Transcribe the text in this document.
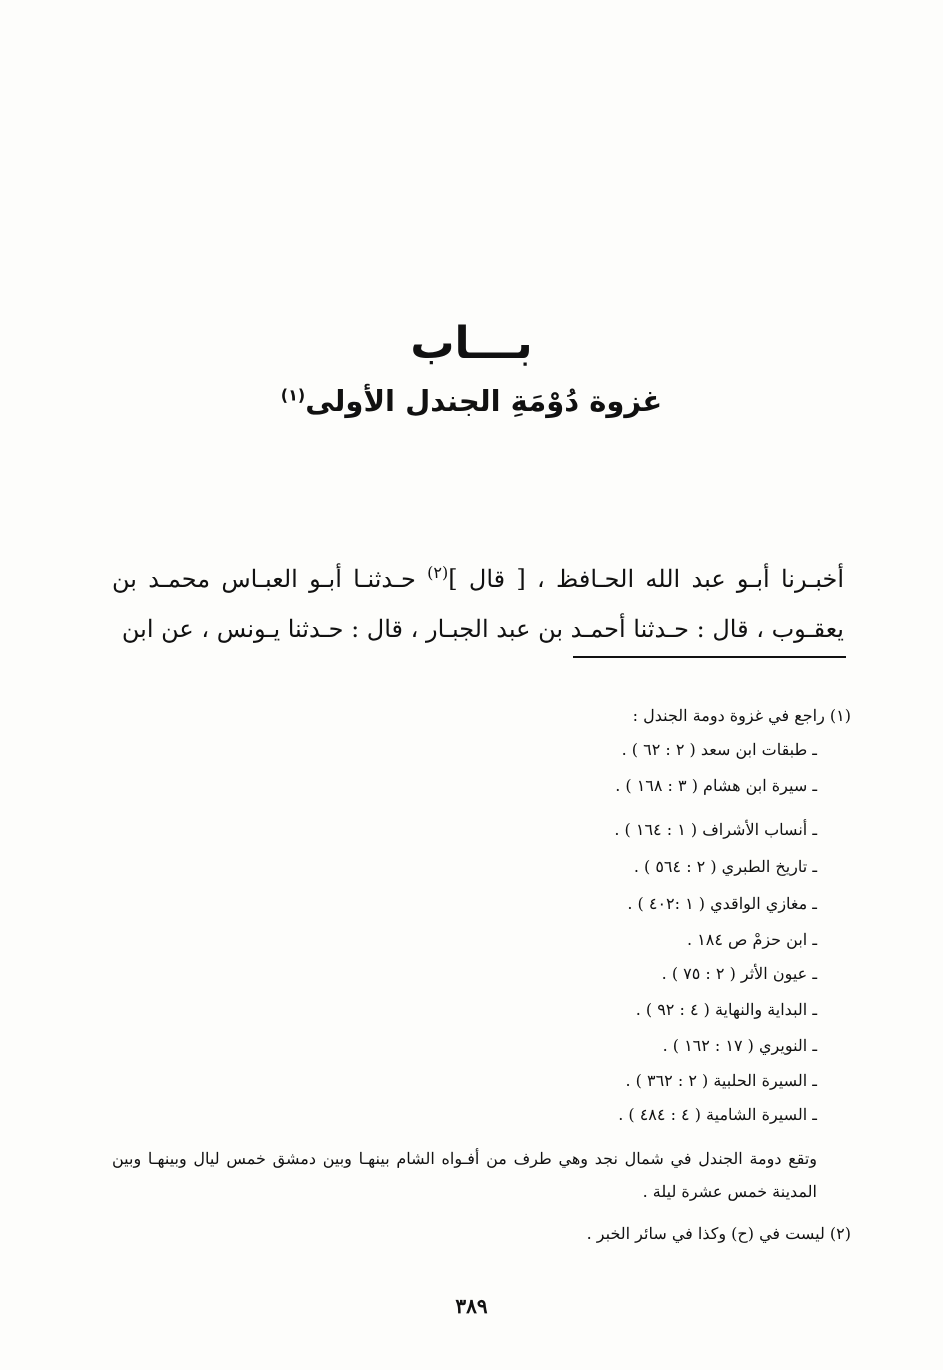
بـــاب
غزوة دُوْمَةِ الجندل الأولى$^{(١)}$
أخبـرنا أبـو عبد الله الحـافظ ، [ قال ]$^{(٢)}$ حـدثنـا أبـو العبـاس محمـد بن يعقـوب ، قال : حـدثنا أحمـد بن عبد الجبـار ، قال : حـدثنا يـونس ، عن ابن
(١) راجع في غزوة دومة الجندل :
ـ طبقات ابن سعد ( ٢ : ٦٢ ) .
ـ سيرة ابن هشام ( ٣ : ١٦٨ ) .
ـ أنساب الأشراف ( ١ : ١٦٤ ) .
ـ تاريخ الطبري ( ٢ : ٥٦٤ ) .
ـ مغازي الواقدي ( ١ :٤٠٢ ) .
ـ ابن حزمْ ص ١٨٤ .
ـ عيون الأثر ( ٢ : ٧٥ ) .
ـ البداية والنهاية ( ٤ : ٩٢ ) .
ـ النويري ( ١٧ : ١٦٢ ) .
ـ السيرة الحلبية ( ٢ : ٣٦٢ ) .
ـ السيرة الشامية ( ٤ : ٤٨٤ ) .
وتقع دومة الجندل في شمال نجد وهي طرف من أفـواه الشام بينهـا وبين دمشق خمس ليال وبينهـا وبين المدينة خمس عشرة ليلة .
(٢) ليست في (ح) وكذا في سائر الخبر .
٣٨٩
